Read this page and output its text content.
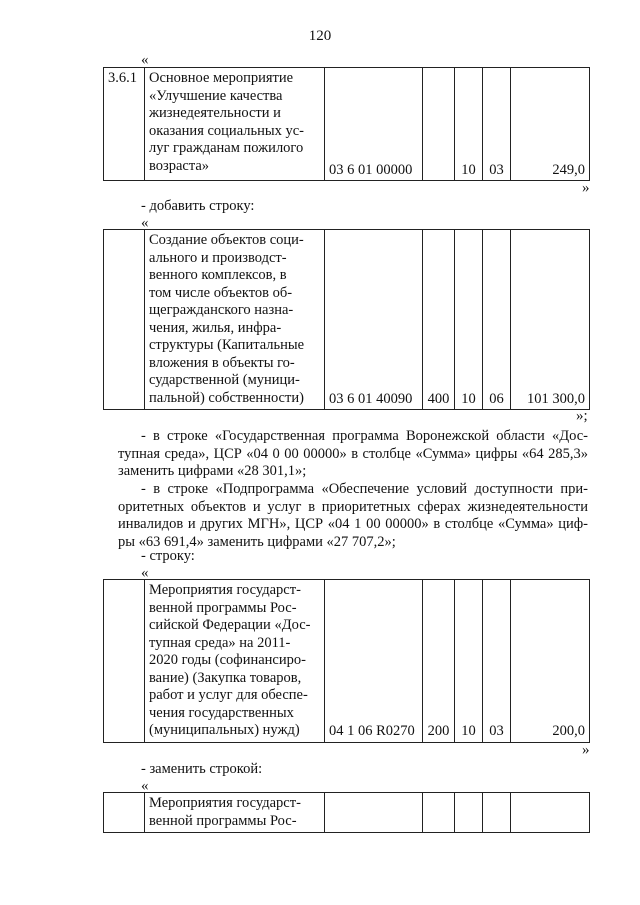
120
«
3.6.1	Основное мероприятие
«Улучшение качества
жизнедеятельности и
оказания социальных ус-
луг гражданам пожилого
возраста»	03 6 01 00000		10	03	249,0
»
- добавить строку:
«

Создание объектов соци-
ального и производст-
венного комплексов, в
том числе объектов об-
щегражданского назна-
чения, жилья, инфра-
структуры (Капитальные
вложения в объекты го-
сударственной (муници-
пальной) собственности)	03 6 01 40090	400	10	06	101 300,0
»;
- в строке «Государственная программа Воронежской области «Дос-
тупная среда», ЦСР «04 0 00 00000» в столбце «Сумма» цифры «64 285,3»
заменить цифрами «28 301,1»;
- в строке «Подпрограмма «Обеспечение условий доступности при-
оритетных объектов и услуг в приоритетных сферах жизнедеятельности
инвалидов и других МГН», ЦСР «04 1 00 00000» в столбце «Сумма» циф-
ры «63 691,4» заменить цифрами «27 707,2»;
- строку:
«

Мероприятия государст-
венной программы Рос-
сийской Федерации «Дос-
тупная среда» на 2011-
2020 годы (софинансиро-
вание) (Закупка товаров,
работ и услуг для обеспе-
чения государственных
(муниципальных) нужд)	04 1 06 R0270	200	10	03	200,0
»
- заменить строкой:
«

Мероприятия государст-
венной программы Рос-
